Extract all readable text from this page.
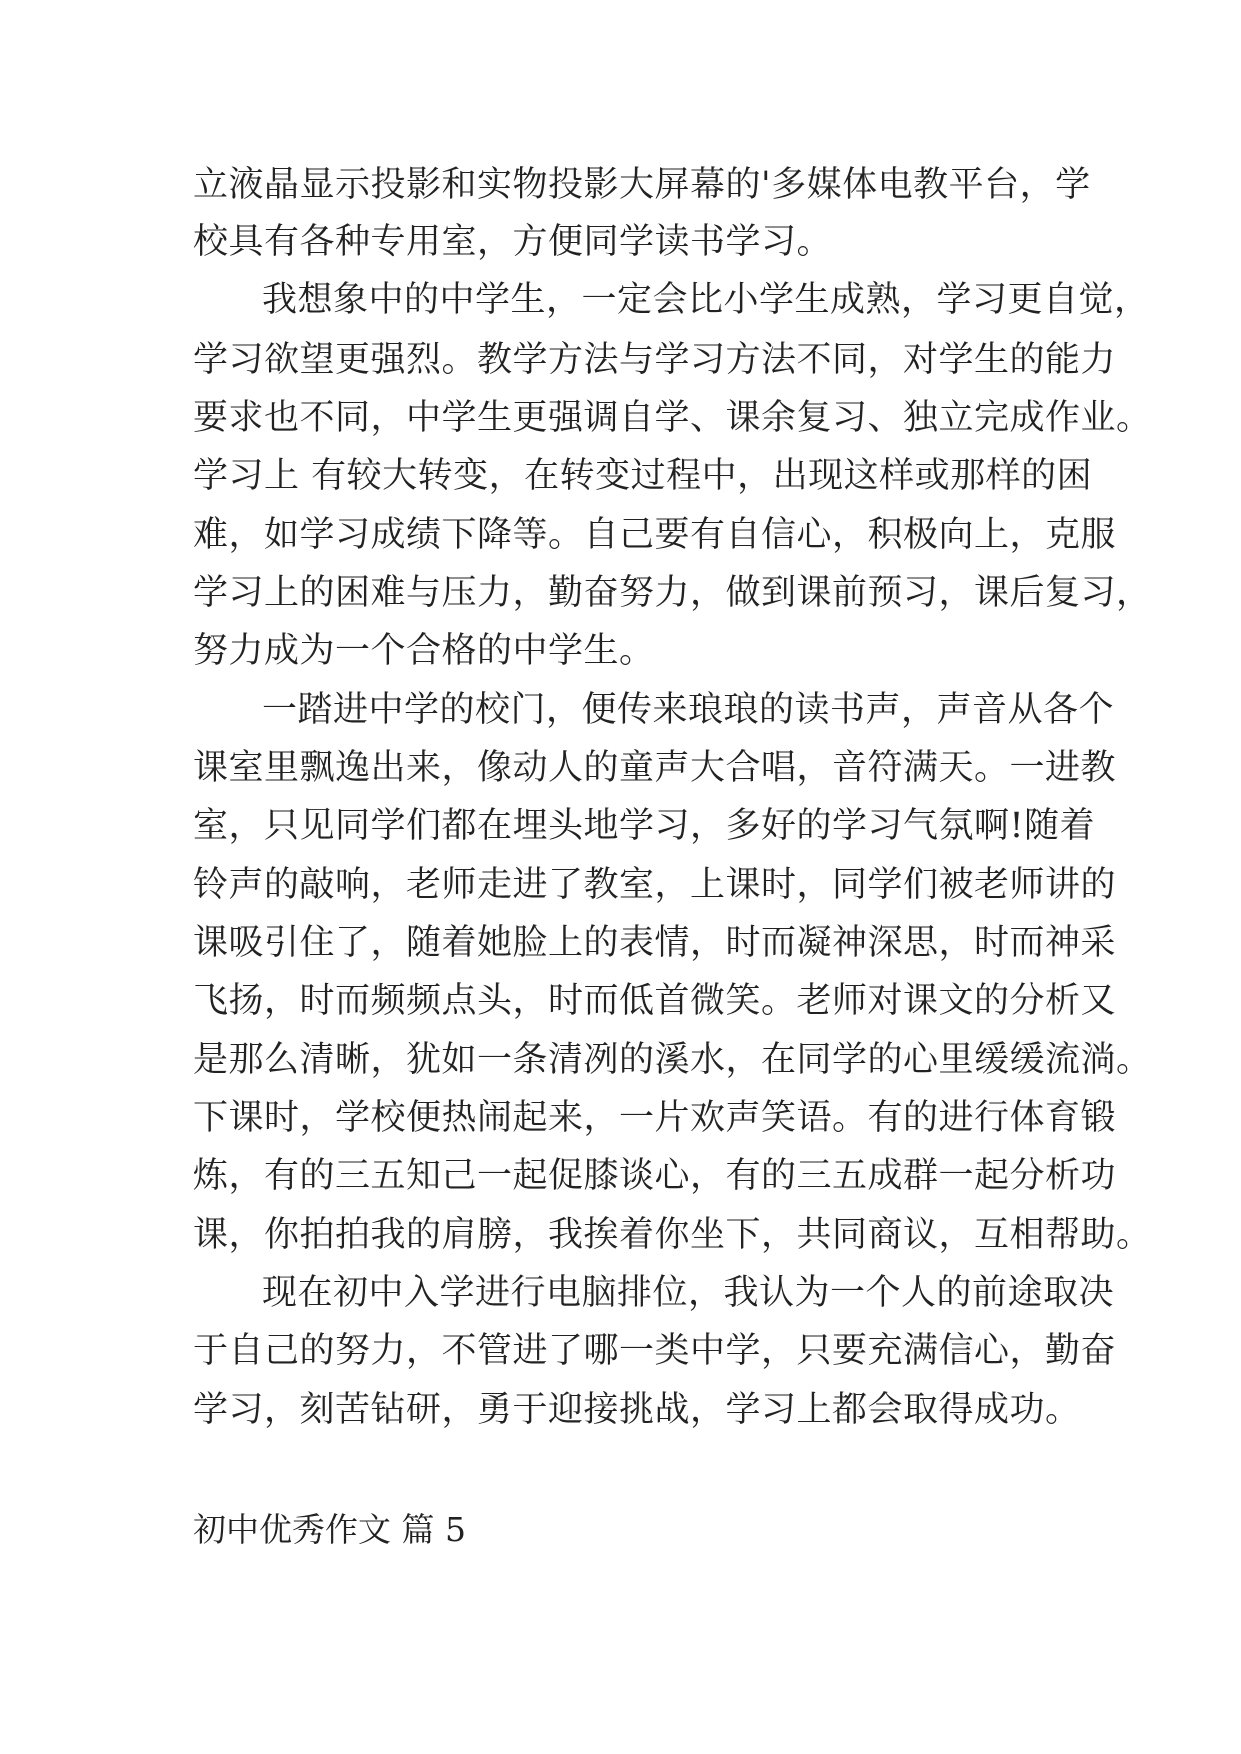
立液晶显示投影和实物投影大屏幕的'多媒体电教平台，学
校具有各种专用室，方便同学读书学习。
我想象中的中学生，一定会比小学生成熟，学习更自觉，
学习欲望更强烈。教学方法与学习方法不同，对学生的能力
要求也不同，中学生更强调自学、课余复习、独立完成作业。
学习上 有较大转变，在转变过程中，出现这样或那样的困
难，如学习成绩下降等。自己要有自信心，积极向上，克服
学习上的困难与压力，勤奋努力，做到课前预习，课后复习，
努力成为一个合格的中学生。
一踏进中学的校门，便传来琅琅的读书声，声音从各个
课室里飘逸出来，像动人的童声大合唱，音符满天。一进教
室，只见同学们都在埋头地学习，多好的学习气氛啊!随着
铃声的敲响，老师走进了教室，上课时，同学们被老师讲的
课吸引住了，随着她脸上的表情，时而凝神深思，时而神采
飞扬，时而频频点头，时而低首微笑。老师对课文的分析又
是那么清晰，犹如一条清冽的溪水，在同学的心里缓缓流淌。
下课时，学校便热闹起来，一片欢声笑语。有的进行体育锻
炼，有的三五知己一起促膝谈心，有的三五成群一起分析功
课，你拍拍我的肩膀，我挨着你坐下，共同商议，互相帮助。
现在初中入学进行电脑排位，我认为一个人的前途取决
于自己的努力，不管进了哪一类中学，只要充满信心，勤奋
学习，刻苦钻研，勇于迎接挑战，学习上都会取得成功。
初中优秀作文 篇 5
